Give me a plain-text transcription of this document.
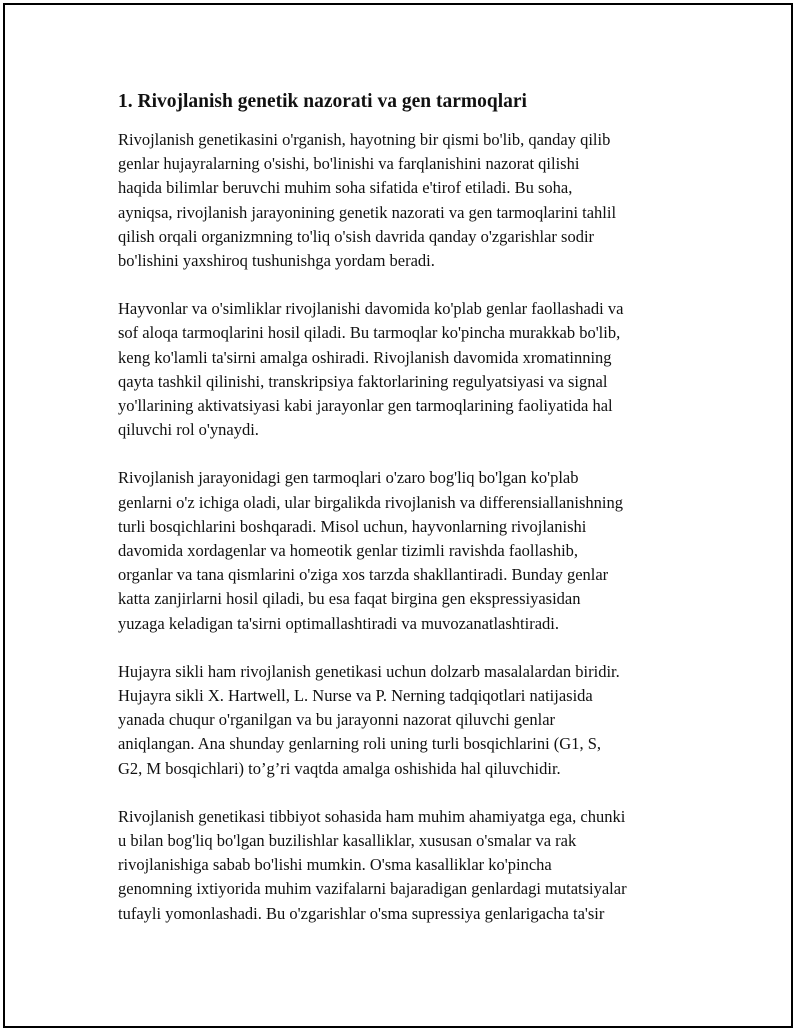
1. Rivojlanish genetik nazorati va gen tarmoqlari

Rivojlanish genetikasini o'rganish, hayotning bir qismi bo'lib, qanday qilib
genlar hujayralarning o'sishi, bo'linishi va farqlanishini nazorat qilishi
haqida bilimlar beruvchi muhim soha sifatida e'tirof etiladi. Bu soha,
ayniqsa, rivojlanish jarayonining genetik nazorati va gen tarmoqlarini tahlil
qilish orqali organizmning to'liq o'sish davrida qanday o'zgarishlar sodir
bo'lishini yaxshiroq tushunishga yordam beradi.

Hayvonlar va o'simliklar rivojlanishi davomida ko'plab genlar faollashadi va
sof aloqa tarmoqlarini hosil qiladi. Bu tarmoqlar ko'pincha murakkab bo'lib,
keng ko'lamli ta'sirni amalga oshiradi. Rivojlanish davomida xromatinning
qayta tashkil qilinishi, transkripsiya faktorlarining regulyatsiyasi va signal
yo'llarining aktivatsiyasi kabi jarayonlar gen tarmoqlarining faoliyatida hal
qiluvchi rol o'ynaydi.

Rivojlanish jarayonidagi gen tarmoqlari o'zaro bog'liq bo'lgan ko'plab
genlarni o'z ichiga oladi, ular birgalikda rivojlanish va differensiallanishning
turli bosqichlarini boshqaradi. Misol uchun, hayvonlarning rivojlanishi
davomida xordagenlar va homeotik genlar tizimli ravishda faollashib,
organlar va tana qismlarini o'ziga xos tarzda shakllantiradi. Bunday genlar
katta zanjirlarni hosil qiladi, bu esa faqat birgina gen ekspressiyasidan
yuzaga keladigan ta'sirni optimallashtiradi va muvozanatlashtiradi.

Hujayra sikli ham rivojlanish genetikasi uchun dolzarb masalalardan biridir.
Hujayra sikli X. Hartwell, L. Nurse va P. Nerning tadqiqotlari natijasida
yanada chuqur o'rganilgan va bu jarayonni nazorat qiluvchi genlar
aniqlangan. Ana shunday genlarning roli uning turli bosqichlarini (G1, S,
G2, M bosqichlari) to’g’ri vaqtda amalga oshishida hal qiluvchidir.

Rivojlanish genetikasi tibbiyot sohasida ham muhim ahamiyatga ega, chunki
u bilan bog'liq bo'lgan buzilishlar kasalliklar, xususan o'smalar va rak
rivojlanishiga sabab bo'lishi mumkin. O'sma kasalliklar ko'pincha
genomning ixtiyorida muhim vazifalarni bajaradigan genlardagi mutatsiyalar
tufayli yomonlashadi. Bu o'zgarishlar o'sma supressiya genlarigacha ta'sir
